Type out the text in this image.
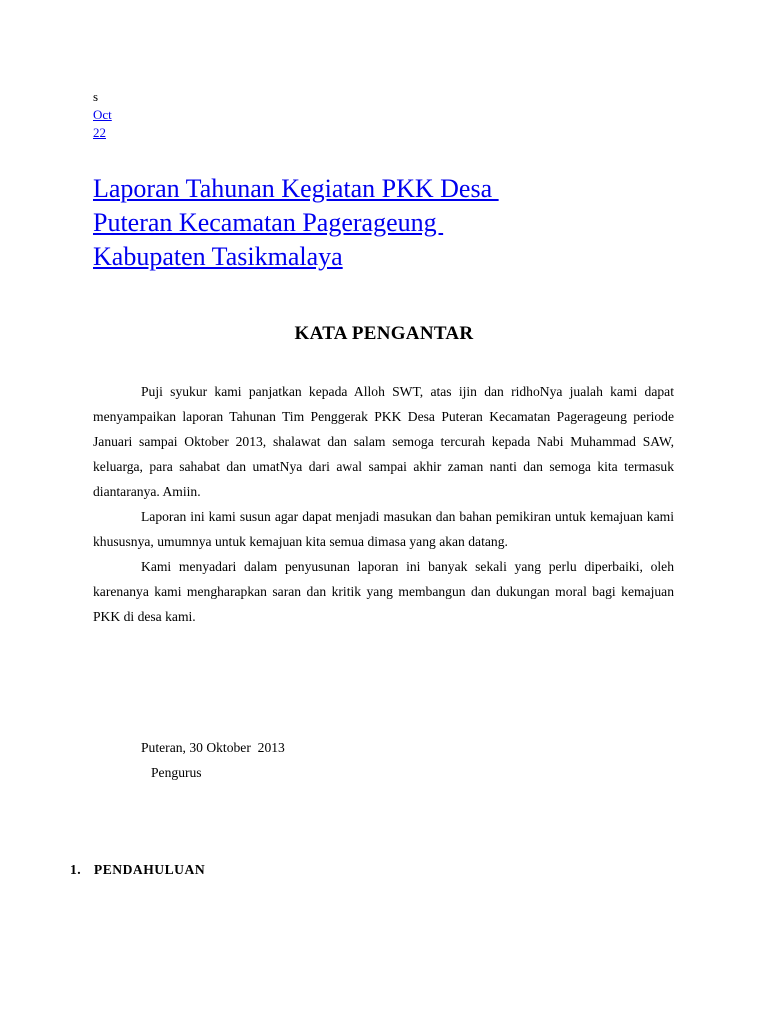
s
Oct
22
Laporan Tahunan Kegiatan PKK Desa
Puteran Kecamatan Pagerageung
Kabupaten Tasikmalaya
KATA PENGANTAR

Puji syukur kami panjatkan kepada Alloh SWT, atas ijin dan ridhoNya jualah kami dapat menyampaikan laporan Tahunan Tim Penggerak PKK Desa Puteran Kecamatan Pagerageung periode Januari sampai Oktober 2013, shalawat dan salam semoga tercurah kepada Nabi Muhammad SAW, keluarga, para sahabat dan umatNya dari awal sampai akhir zaman nanti dan semoga kita termasuk diantaranya. Amiin.

Laporan ini kami susun agar dapat menjadi masukan dan bahan pemikiran untuk kemajuan kami khususnya, umumnya untuk kemajuan kita semua dimasa yang akan datang.

Kami menyadari dalam penyusunan laporan ini banyak sekali yang perlu diperbaiki, oleh karenanya kami mengharapkan saran dan kritik yang membangun dan dukungan moral bagi kemajuan PKK di desa kami.

Puteran, 30 Oktober  2013
Pengurus
1. PENDAHULUAN
